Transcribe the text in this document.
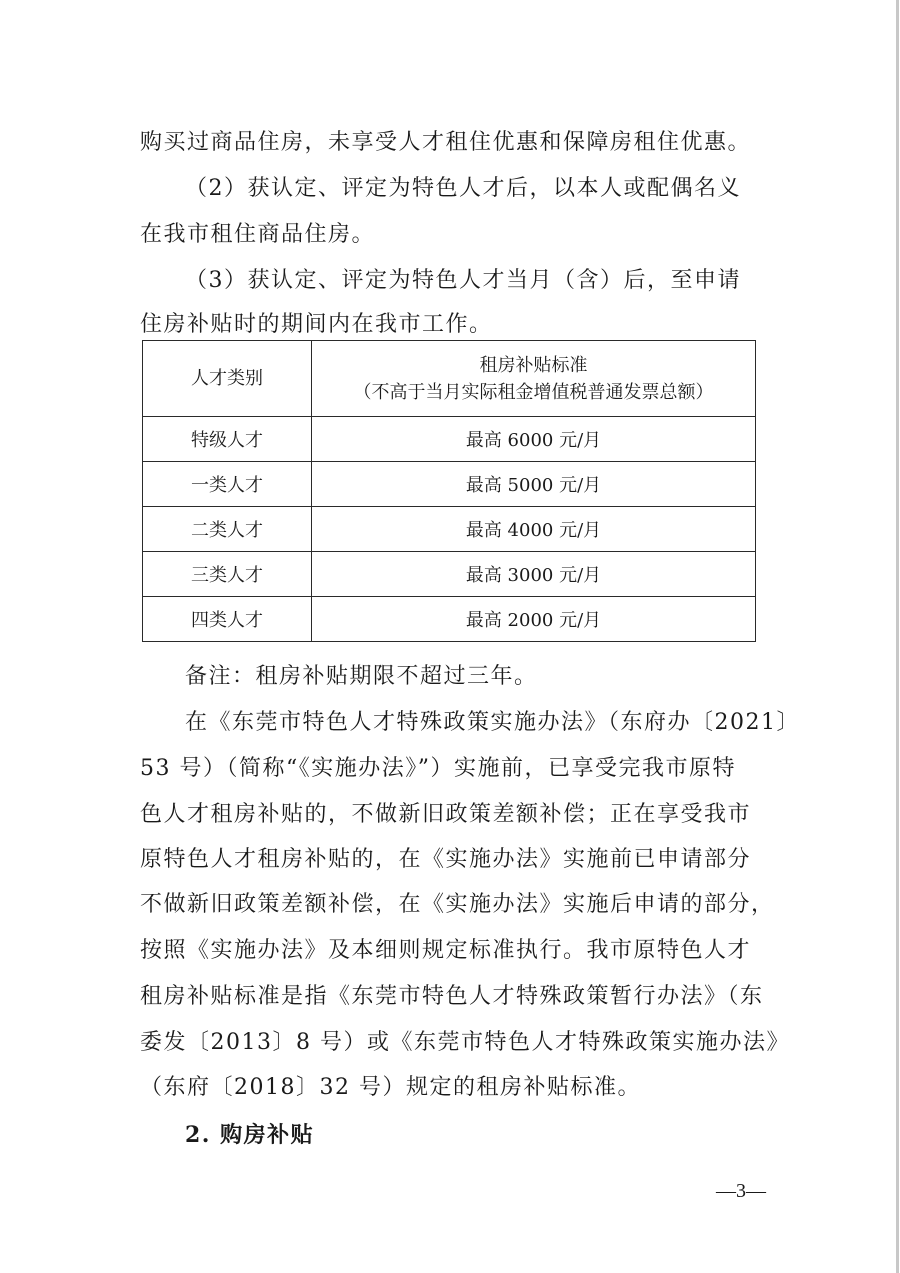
购买过商品住房，未享受人才租住优惠和保障房租住优惠。
（2）获认定、评定为特色人才后，以本人或配偶名义
在我市租住商品住房。
（3）获认定、评定为特色人才当月（含）后，至申请
住房补贴时的期间内在我市工作。
人才类别	租房补贴标准
（不高于当月实际租金增值税普通发票总额）

特级人才	最高 6000 元/月
一类人才	最高 5000 元/月
二类人才	最高 4000 元/月
三类人才	最高 3000 元/月
四类人才	最高 2000 元/月
备注：租房补贴期限不超过三年。
在《东莞市特色人才特殊政策实施办法》（东府办〔2021〕
53 号）（简称“《实施办法》”）实施前，已享受完我市原特
色人才租房补贴的，不做新旧政策差额补偿；正在享受我市
原特色人才租房补贴的，在《实施办法》实施前已申请部分
不做新旧政策差额补偿，在《实施办法》实施后申请的部分，
按照《实施办法》及本细则规定标准执行。我市原特色人才
租房补贴标准是指《东莞市特色人才特殊政策暂行办法》（东
委发〔2013〕8 号）或《东莞市特色人才特殊政策实施办法》
（东府〔2018〕32 号）规定的租房补贴标准。
2. 购房补贴
—3—
